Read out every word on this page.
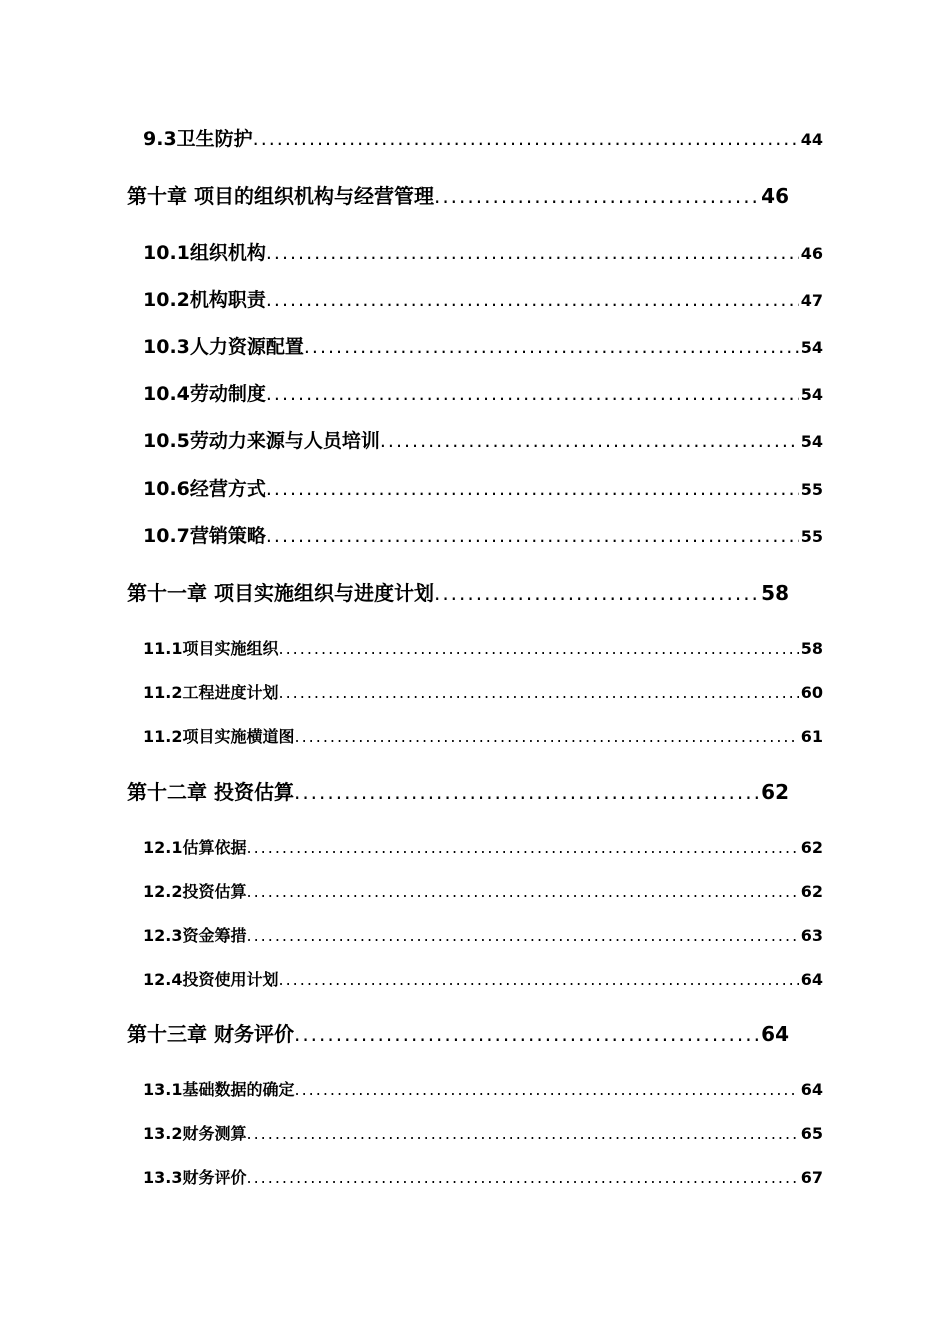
9.3卫生防护 .....	44
第十章 项目的组织机构与经营管理 .....	46
10.1组织机构 .....	46
10.2机构职责 .....	47
10.3人力资源配置 .....	54
10.4劳动制度 .....	54
10.5劳动力来源与人员培训 .....	54
10.6经营方式 .....	55
10.7营销策略 .....	55
第十一章 项目实施组织与进度计划 .....	58
11.1项目实施组织 .....	58
11.2工程进度计划 .....	60
11.2项目实施横道图 .....	61
第十二章 投资估算 .....	62
12.1估算依据 .....	62
12.2投资估算 .....	62
12.3资金筹措 .....	63
12.4投资使用计划 .....	64
第十三章 财务评价 .....	64
13.1基础数据的确定 .....	64
13.2财务测算 .....	65
13.3财务评价 .....	67
